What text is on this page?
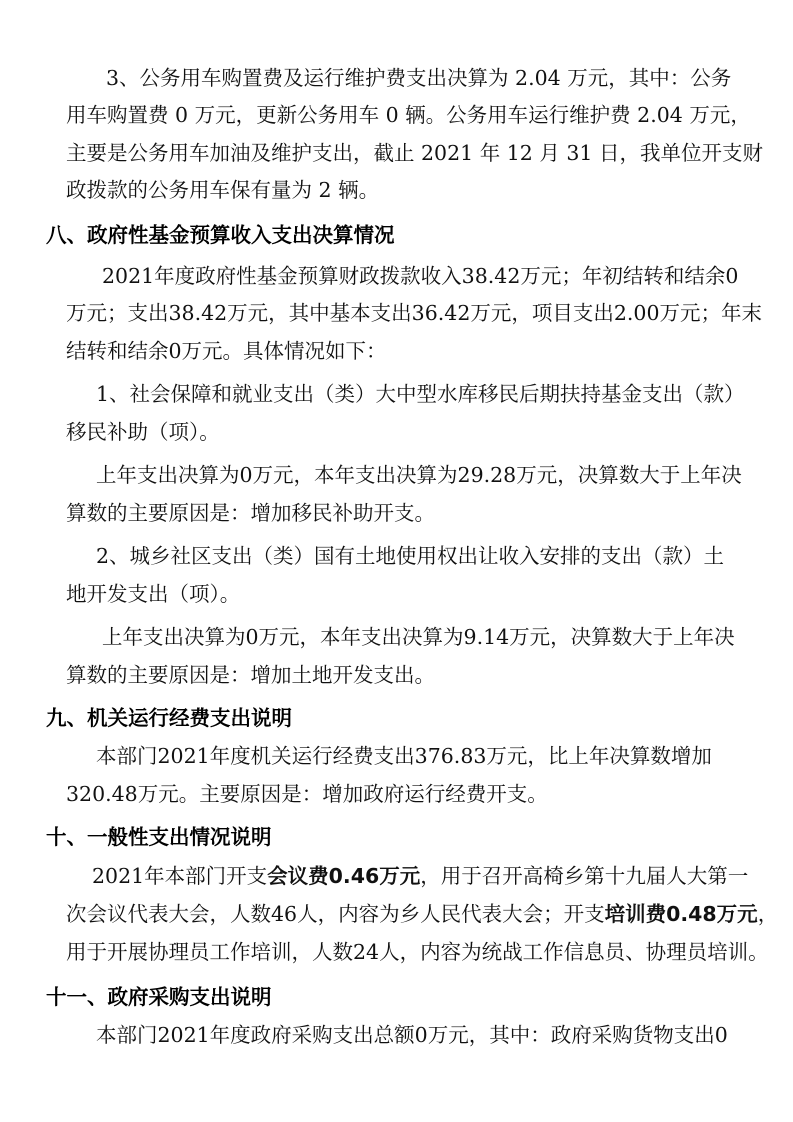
3、公务用车购置费及运行维护费支出决算为 2.04 万元，其中：公务
用车购置费 0 万元，更新公务用车 0 辆。公务用车运行维护费 2.04 万元，
主要是公务用车加油及维护支出，截止 2021 年 12 月 31 日，我单位开支财
政拨款的公务用车保有量为 2 辆。
八、政府性基金预算收入支出决算情况
2021年度政府性基金预算财政拨款收入38.42万元；年初结转和结余0
万元；支出38.42万元，其中基本支出36.42万元，项目支出2.00万元；年末
结转和结余0万元。具体情况如下：
1、社会保障和就业支出（类）大中型水库移民后期扶持基金支出（款）
移民补助（项）。
上年支出决算为0万元，本年支出决算为29.28万元，决算数大于上年决
算数的主要原因是：增加移民补助开支。
2、城乡社区支出（类）国有土地使用权出让收入安排的支出（款）土
地开发支出（项）。
上年支出决算为0万元，本年支出决算为9.14万元，决算数大于上年决
算数的主要原因是：增加土地开发支出。
九、机关运行经费支出说明
本部门2021年度机关运行经费支出376.83万元，比上年决算数增加
320.48万元。主要原因是：增加政府运行经费开支。
十、一般性支出情况说明
2021年本部门开支会议费0.46万元，用于召开高椅乡第十九届人大第一
次会议代表大会，人数46人，内容为乡人民代表大会；开支培训费0.48万元，
用于开展协理员工作培训，人数24人，内容为统战工作信息员、协理员培训。
十一、政府采购支出说明
本部门2021年度政府采购支出总额0万元，其中：政府采购货物支出0
